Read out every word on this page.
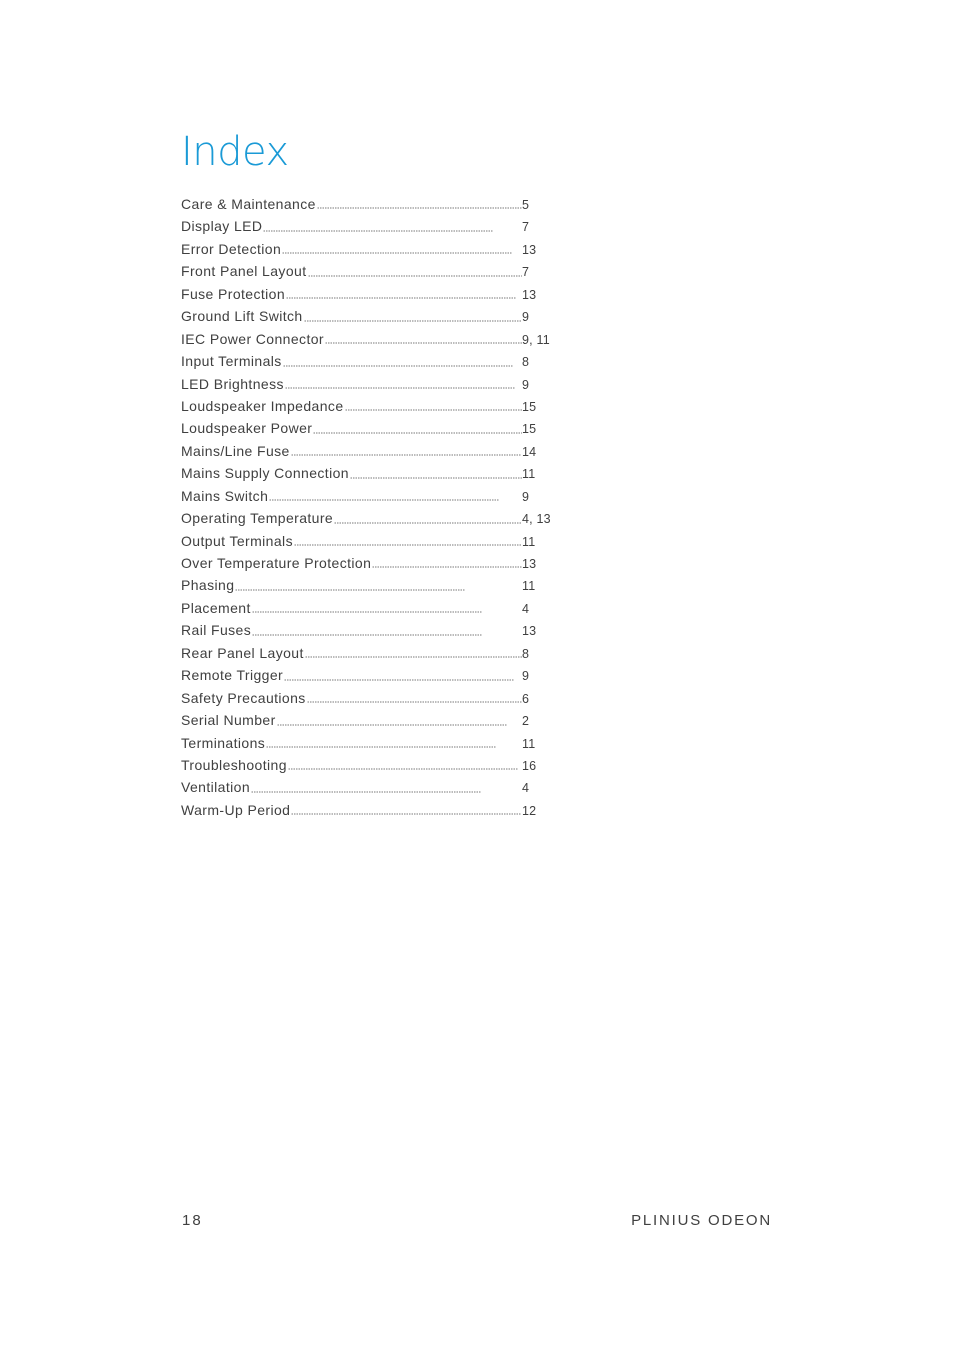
Index
Care & Maintenance	5
Display LED	7
Error Detection	13
Front Panel Layout	7
Fuse Protection	13
Ground Lift Switch	9
IEC Power Connector	9, 11
Input Terminals	8
LED Brightness	9
Loudspeaker Impedance	15
Loudspeaker Power	15
Mains/Line Fuse	14
Mains Supply Connection	11
Mains Switch	9
Operating Temperature	4, 13
Output Terminals	11
Over Temperature Protection	13
Phasing	11
Placement	4
Rail Fuses	13
Rear Panel Layout	8
Remote Trigger	9
Safety Precautions	6
Serial Number	2
Terminations	11
Troubleshooting	16
Ventilation	4
Warm-Up Period	12
18	PLINIUS ODEON
